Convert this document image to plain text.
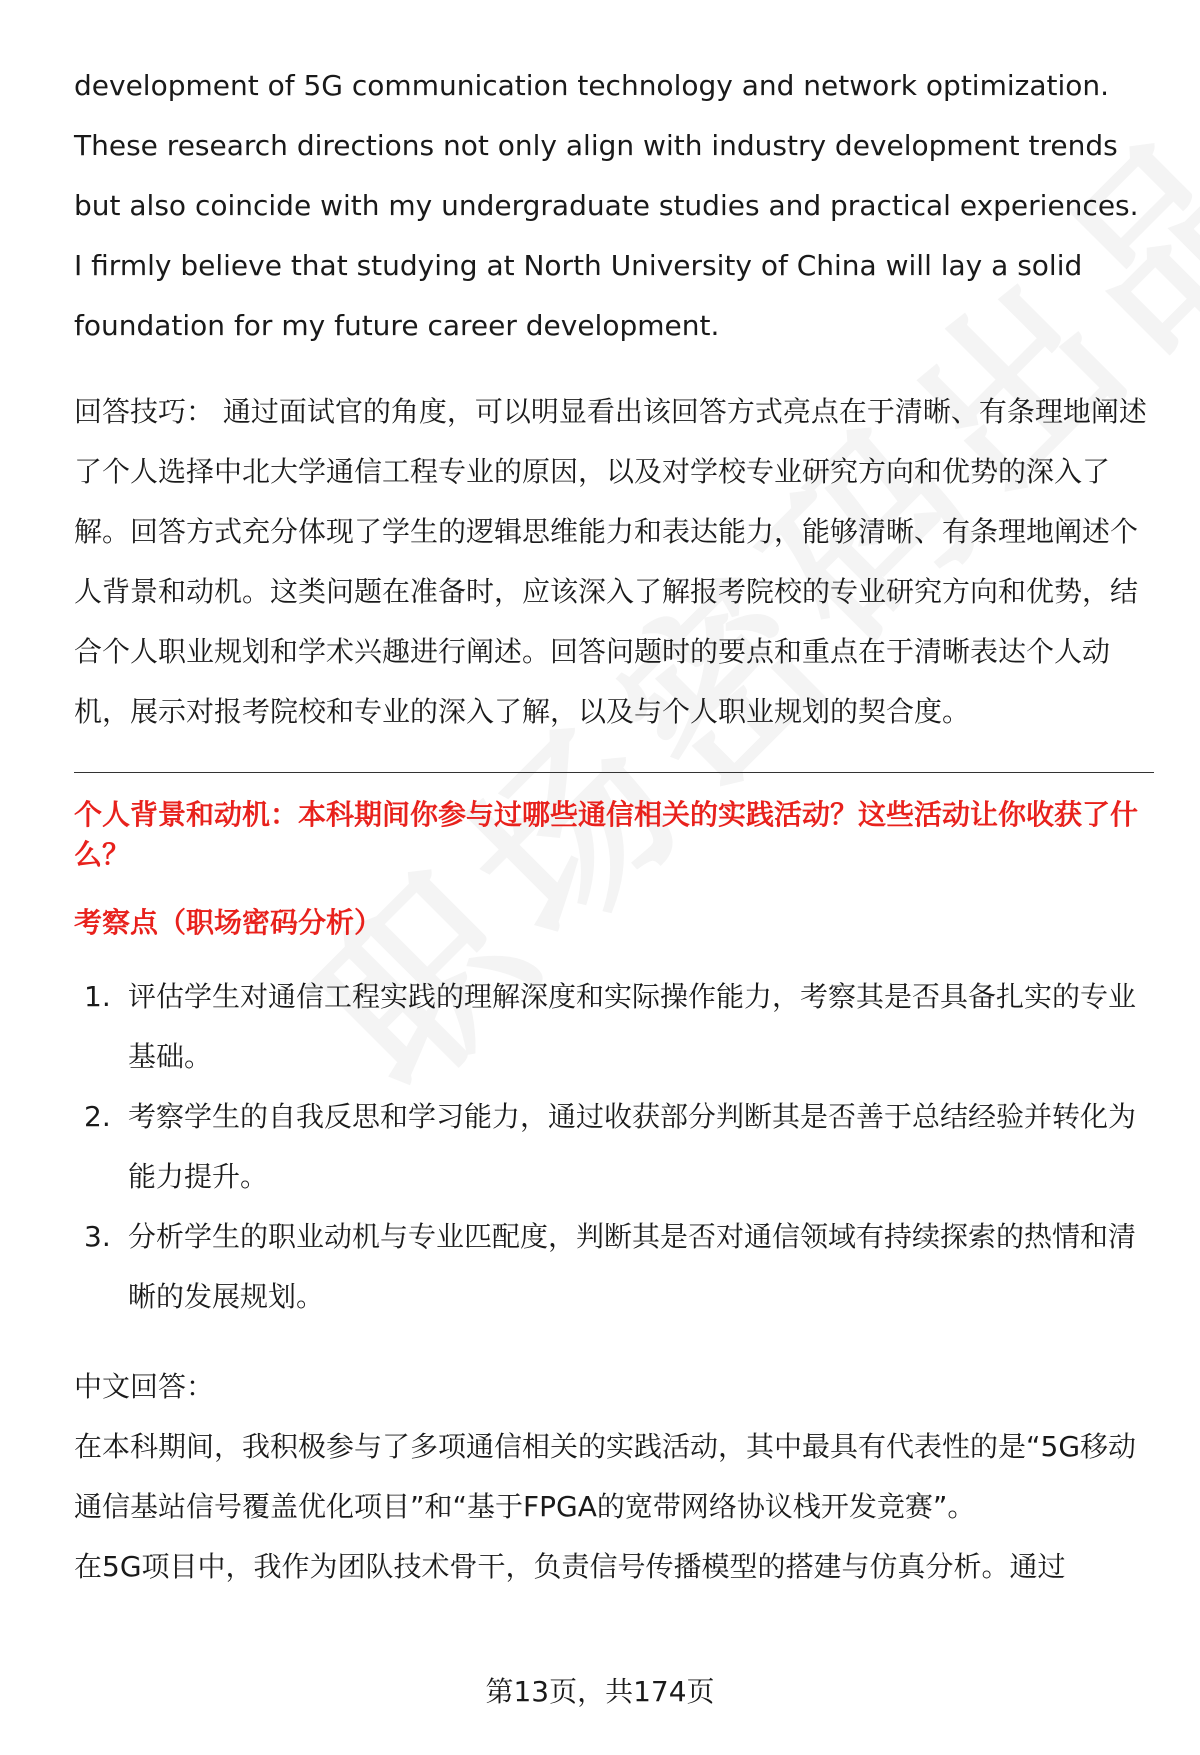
development of 5G communication technology and network optimization.

These research directions not only align with industry development trends

but also coincide with my undergraduate studies and practical experiences.

I firmly believe that studying at North University of China will lay a solid

foundation for my future career development.

回答技巧： 通过面试官的角度，可以明显看出该回答方式亮点在于清晰、有条理地阐述了个人选择中北大学通信工程专业的原因，以及对学校专业研究方向和优势的深入了解。回答方式充分体现了学生的逻辑思维能力和表达能力，能够清晰、有条理地阐述个人背景和动机。这类问题在准备时，应该深入了解报考院校的专业研究方向和优势，结合个人职业规划和学术兴趣进行阐述。回答问题时的要点和重点在于清晰表达个人动机，展示对报考院校和专业的深入了解，以及与个人职业规划的契合度。

个人背景和动机：本科期间你参与过哪些通信相关的实践活动？这些活动让你收获了什么？
考察点（职场密码分析）
1. 评估学生对通信工程实践的理解深度和实际操作能力，考察其是否具备扎实的专业基础。
2. 考察学生的自我反思和学习能力，通过收获部分判断其是否善于总结经验并转化为能力提升。
3. 分析学生的职业动机与专业匹配度，判断其是否对通信领域有持续探索的热情和清晰的发展规划。

中文回答：

在本科期间，我积极参与了多项通信相关的实践活动，其中最具有代表性的是“5G移动通信基站信号覆盖优化项目”和“基于FPGA的宽带网络协议栈开发竞赛”。

在5G项目中，我作为团队技术骨干，负责信号传播模型的搭建与仿真分析。通过

第13页，共174页
